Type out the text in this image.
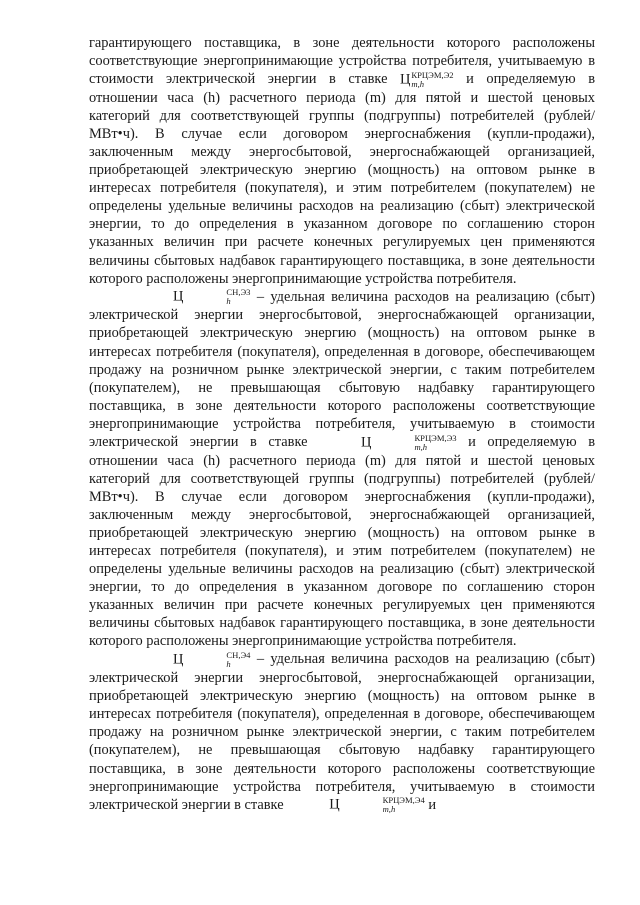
гарантирующего поставщика, в зоне деятельности которого расположены соответствующие энергопринимающие устройства потребителя, учитываемую в стоимости электрической энергии в ставке Ц КРЦЭМ,Э2
m,h	и определяемую в отношении часа (h) расчетного периода (m) для пятой и шестой ценовых категорий для соответствующей группы (подгруппы) потребителей (рублей/МВт•ч). В случае если договором энергоснабжения (купли-продажи), заключенным между энергосбытовой, энергоснабжающей организацией, приобретающей электрическую энергию (мощность) на оптовом рынке в интересах потребителя (покупателя), и этим потребителем (покупателем) не определены удельные величины расходов на реализацию (сбыт) электрической энергии, то до определения в указанном договоре по соглашению сторон указанных величин при расчете конечных регулируемых цен применяются величины сбытовых надбавок гарантирующего поставщика, в зоне деятельности которого расположены энергопринимающие устройства потребителя.

Ц	СН,Э3
h	– удельная величина расходов на реализацию (сбыт) электрической энергии энергосбытовой, энергоснабжающей организации, приобретающей электрическую энергию (мощность) на оптовом рынке в интересах потребителя (покупателя), определенная в договоре, обеспечивающем продажу на розничном рынке электрической энергии, с таким потребителем (покупателем), не превышающая сбытовую надбавку гарантирующего поставщика, в зоне деятельности которого расположены соответствующие энергопринимающие устройства потребителя, учитываемую в стоимости электрической энергии в ставке	Ц	КРЦЭМ,Э3
m,h	и определяемую в отношении часа (h) расчетного периода (m) для пятой и шестой ценовых категорий для соответствующей группы (подгруппы) потребителей (рублей/МВт•ч). В случае если договором энергоснабжения (купли-продажи), заключенным между энергосбытовой, энергоснабжающей организацией, приобретающей электрическую энергию (мощность) на оптовом рынке в интересах потребителя (покупателя), и этим потребителем (покупателем) не определены удельные величины расходов на реализацию (сбыт) электрической энергии, то до определения в указанном договоре по соглашению сторон указанных величин при расчете конечных регулируемых цен применяются величины сбытовых надбавок гарантирующего поставщика, в зоне деятельности которого расположены энергопринимающие устройства потребителя.

Ц	СН,Э4
h	– удельная величина расходов на реализацию (сбыт) электрической энергии энергосбытовой, энергоснабжающей организации, приобретающей электрическую энергию (мощность) на оптовом рынке в интересах потребителя (покупателя), определенная в договоре, обеспечивающем продажу на розничном рынке электрической энергии, с таким потребителем (покупателем), не превышающая сбытовую надбавку гарантирующего поставщика, в зоне деятельности которого расположены соответствующие энергопринимающие устройства потребителя, учитываемую в стоимости электрической энергии в ставке	Ц	КРЦЭМ,Э4
m,h	и
